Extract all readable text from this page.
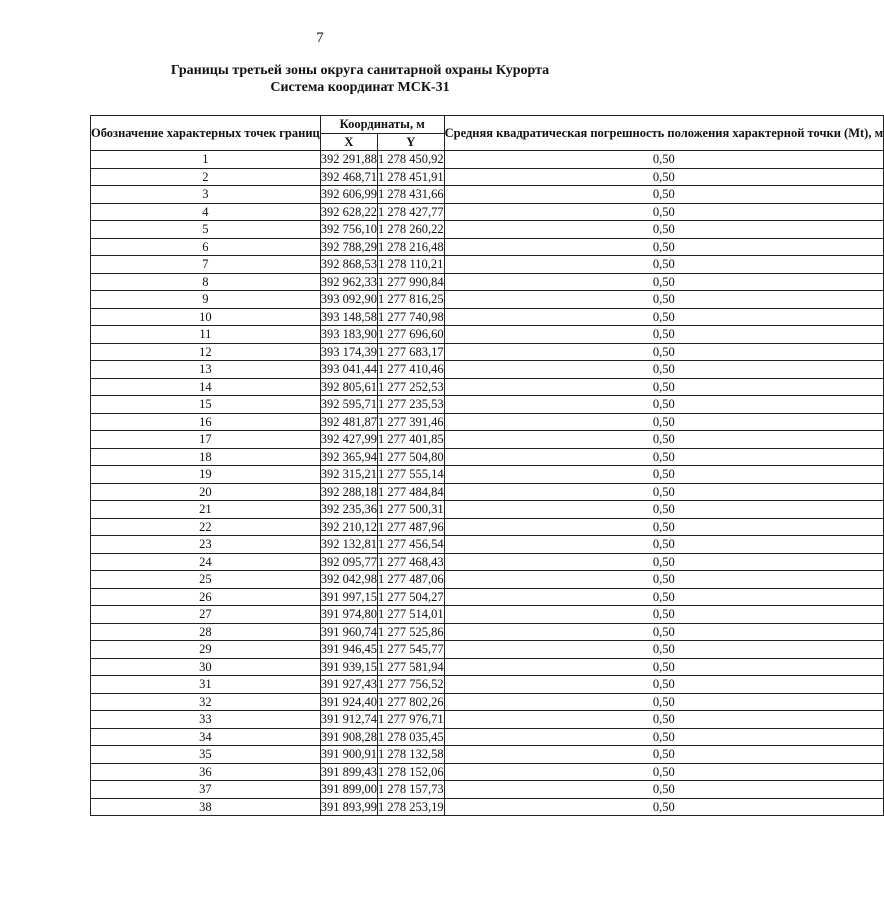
7
Границы третьей зоны округа санитарной охраны Курорта
Система координат МСК-31
Обозначение характерных точек границ	Координаты, м		Средняя квадратическая погрешность положения характерной точки (Mt), м
	X	Y	
1	392 291,88	1 278 450,92	0,50
2	392 468,71	1 278 451,91	0,50
3	392 606,99	1 278 431,66	0,50
4	392 628,22	1 278 427,77	0,50
5	392 756,10	1 278 260,22	0,50
6	392 788,29	1 278 216,48	0,50
7	392 868,53	1 278 110,21	0,50
8	392 962,33	1 277 990,84	0,50
9	393 092,90	1 277 816,25	0,50
10	393 148,58	1 277 740,98	0,50
11	393 183,90	1 277 696,60	0,50
12	393 174,39	1 277 683,17	0,50
13	393 041,44	1 277 410,46	0,50
14	392 805,61	1 277 252,53	0,50
15	392 595,71	1 277 235,53	0,50
16	392 481,87	1 277 391,46	0,50
17	392 427,99	1 277 401,85	0,50
18	392 365,94	1 277 504,80	0,50
19	392 315,21	1 277 555,14	0,50
20	392 288,18	1 277 484,84	0,50
21	392 235,36	1 277 500,31	0,50
22	392 210,12	1 277 487,96	0,50
23	392 132,81	1 277 456,54	0,50
24	392 095,77	1 277 468,43	0,50
25	392 042,98	1 277 487,06	0,50
26	391 997,15	1 277 504,27	0,50
27	391 974,80	1 277 514,01	0,50
28	391 960,74	1 277 525,86	0,50
29	391 946,45	1 277 545,77	0,50
30	391 939,15	1 277 581,94	0,50
31	391 927,43	1 277 756,52	0,50
32	391 924,40	1 277 802,26	0,50
33	391 912,74	1 277 976,71	0,50
34	391 908,28	1 278 035,45	0,50
35	391 900,91	1 278 132,58	0,50
36	391 899,43	1 278 152,06	0,50
37	391 899,00	1 278 157,73	0,50
38	391 893,99	1 278 253,19	0,50
